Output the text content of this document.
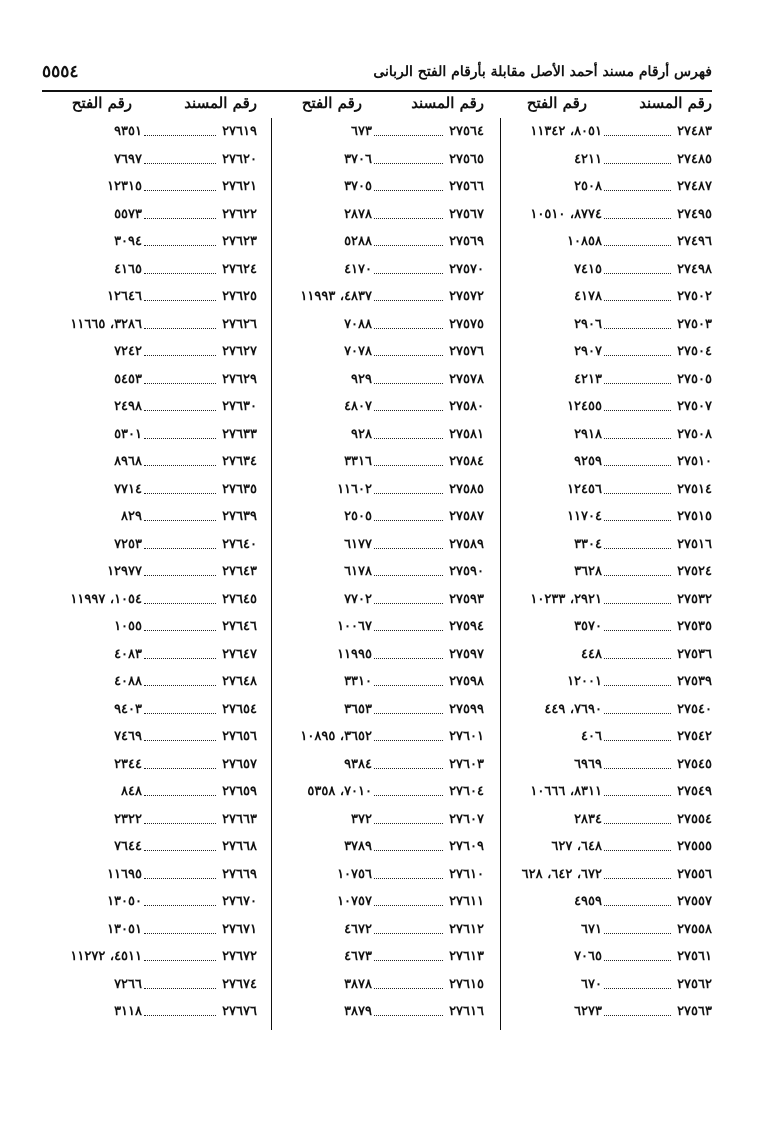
٥٥٥٤	فهرس أرقام مسند أحمد الأصل مقابلة بأرقام الفتح الربانى
رقم المسند
رقم الفتح
رقم المسند
رقم الفتح
رقم المسند
رقم الفتح
٢٧٤٨٣
٨٠٥١، ١١٣٤٢
٢٧٥٦٤
٦٧٣
٢٧٦١٩
٩٣٥١
٢٧٤٨٥
٤٢١١
٢٧٥٦٥
٣٧٠٦
٢٧٦٢٠
٧٦٩٧
٢٧٤٨٧
٢٥٠٨
٢٧٥٦٦
٣٧٠٥
٢٧٦٢١
١٢٣١٥
٢٧٤٩٥
٨٧٧٤، ١٠٥١٠
٢٧٥٦٧
٢٨٧٨
٢٧٦٢٢
٥٥٧٣
٢٧٤٩٦
١٠٨٥٨
٢٧٥٦٩
٥٢٨٨
٢٧٦٢٣
٣٠٩٤
٢٧٤٩٨
٧٤١٥
٢٧٥٧٠
٤١٧٠
٢٧٦٢٤
٤١٦٥
٢٧٥٠٢
٤١٧٨
٢٧٥٧٢
٤٨٣٧، ١١٩٩٣
٢٧٦٢٥
١٢٦٤٦
٢٧٥٠٣
٢٩٠٦
٢٧٥٧٥
٧٠٨٨
٢٧٦٢٦
٣٢٨٦، ١١٦٦٥
٢٧٥٠٤
٢٩٠٧
٢٧٥٧٦
٧٠٧٨
٢٧٦٢٧
٧٢٤٢
٢٧٥٠٥
٤٢١٣
٢٧٥٧٨
٩٢٩
٢٧٦٢٩
٥٤٥٣
٢٧٥٠٧
١٢٤٥٥
٢٧٥٨٠
٤٨٠٧
٢٧٦٣٠
٢٤٩٨
٢٧٥٠٨
٢٩١٨
٢٧٥٨١
٩٢٨
٢٧٦٣٣
٥٣٠١
٢٧٥١٠
٩٢٥٩
٢٧٥٨٤
٣٣١٦
٢٧٦٣٤
٨٩٦٨
٢٧٥١٤
١٢٤٥٦
٢٧٥٨٥
١١٦٠٢
٢٧٦٣٥
٧٧١٤
٢٧٥١٥
١١٧٠٤
٢٧٥٨٧
٢٥٠٥
٢٧٦٣٩
٨٢٩
٢٧٥١٦
٣٣٠٤
٢٧٥٨٩
٦١٧٧
٢٧٦٤٠
٧٢٥٣
٢٧٥٢٤
٣٦٢٨
٢٧٥٩٠
٦١٧٨
٢٧٦٤٣
١٢٩٧٧
٢٧٥٣٢
٢٩٢١، ١٠٢٣٣
٢٧٥٩٣
٧٧٠٢
٢٧٦٤٥
١٠٥٤، ١١٩٩٧
٢٧٥٣٥
٣٥٧٠
٢٧٥٩٤
١٠٠٦٧
٢٧٦٤٦
١٠٥٥
٢٧٥٣٦
٤٤٨
٢٧٥٩٧
١١٩٩٥
٢٧٦٤٧
٤٠٨٣
٢٧٥٣٩
١٢٠٠١
٢٧٥٩٨
٣٣١٠
٢٧٦٤٨
٤٠٨٨
٢٧٥٤٠
٧٦٩٠، ٤٤٩
٢٧٥٩٩
٣٦٥٣
٢٧٦٥٤
٩٤٠٣
٢٧٥٤٢
٤٠٦
٢٧٦٠١
٣٦٥٢، ١٠٨٩٥
٢٧٦٥٦
٧٤٦٩
٢٧٥٤٥
٦٩٦٩
٢٧٦٠٣
٩٣٨٤
٢٧٦٥٧
٢٣٤٤
٢٧٥٤٩
٨٣١١، ١٠٦٦٦
٢٧٦٠٤
٧٠١٠، ٥٣٥٨
٢٧٦٥٩
٨٤٨
٢٧٥٥٤
٢٨٣٤
٢٧٦٠٧
٣٧٢
٢٧٦٦٣
٢٣٢٢
٢٧٥٥٥
٦٤٨، ٦٢٧
٢٧٦٠٩
٣٧٨٩
٢٧٦٦٨
٧٦٤٤
٢٧٥٥٦
٦٧٢، ٦٤٢، ٦٢٨
٢٧٦١٠
١٠٧٥٦
٢٧٦٦٩
١١٦٩٥
٢٧٥٥٧
٤٩٥٩
٢٧٦١١
١٠٧٥٧
٢٧٦٧٠
١٣٠٥٠
٢٧٥٥٨
٦٧١
٢٧٦١٢
٤٦٧٢
٢٧٦٧١
١٣٠٥١
٢٧٥٦١
٧٠٦٥
٢٧٦١٣
٤٦٧٣
٢٧٦٧٢
٤٥١١، ١١٢٧٢
٢٧٥٦٢
٦٧٠
٢٧٦١٥
٣٨٧٨
٢٧٦٧٤
٧٢٦٦
٢٧٥٦٣
٦٢٧٣
٢٧٦١٦
٣٨٧٩
٢٧٦٧٦
٣١١٨
